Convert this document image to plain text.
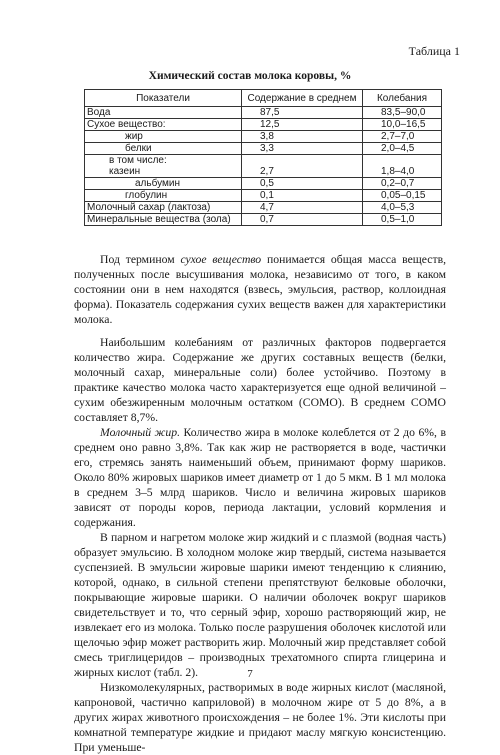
Таблица 1
Химический состав молока коровы, %
Показатели	Содержание в среднем	Колебания
Вода	87,5	83,5–90,0
Сухое вещество:	12,5	10,0–16,5
жир	3,8	2,7–7,0
белки	3,3	2,0–4,5

в том числе:
казеин	2,7	1,8–4,0

альбумин	0,5	0,2–0,7
глобулин	0,1	0,05–0,15
Молочный сахар (лактоза)	4,7	4,0–5,3
Минеральные вещества (зола)	0,7	0,5–1,0

Под термином сухое вещество понимается общая масса веществ, полученных после высушивания молока, независимо от того, в каком состоянии они в нем находятся (взвесь, эмульсия, раствор, коллоидная форма). Показатель содержания сухих веществ важен для характеристики молока.

Наибольшим колебаниям от различных факторов подвергается количество жира. Содержание же других составных веществ (белки, молочный сахар, минеральные соли) более устойчиво. Поэтому в практике качество молока часто характеризуется еще одной величиной – сухим обезжиренным молочным остатком (СОМО). В среднем СОМО составляет 8,7%.

Молочный жир. Количество жира в молоке колеблется от 2 до 6%, в среднем оно равно 3,8%. Так как жир не растворяется в воде, частички его, стремясь занять наименьший объем, принимают форму шариков. Около 80% жировых шариков имеет диаметр от 1 до 5 мкм. В 1 мл молока в среднем 3–5 млрд шариков. Число и величина жировых шариков зависят от породы коров, периода лактации, условий кормления и содержания.

В парном и нагретом молоке жир жидкий и с плазмой (водная часть) образует эмульсию. В холодном молоке жир твердый, система называется суспензией. В эмульсии жировые шарики имеют тенденцию к слиянию, которой, однако, в сильной степени препятствуют белковые оболочки, покрывающие жировые шарики. О наличии оболочек вокруг шариков свидетельствует и то, что серный эфир, хорошо растворяющий жир, не извлекает его из молока. Только после разрушения оболочек кислотой или щелочью эфир может растворить жир. Молочный жир представляет собой смесь триглицеридов – производных трехатомного спирта глицерина и жирных кислот (табл. 2).

Низкомолекулярных, растворимых в воде жирных кислот (масляной, капроновой, частично каприловой) в молочном жире от 5 до 8%, а в других жирах животного происхождения – не более 1%. Эти кислоты при комнатной температуре жидкие и придают маслу мягкую консистенцию. При уменьше-

7
